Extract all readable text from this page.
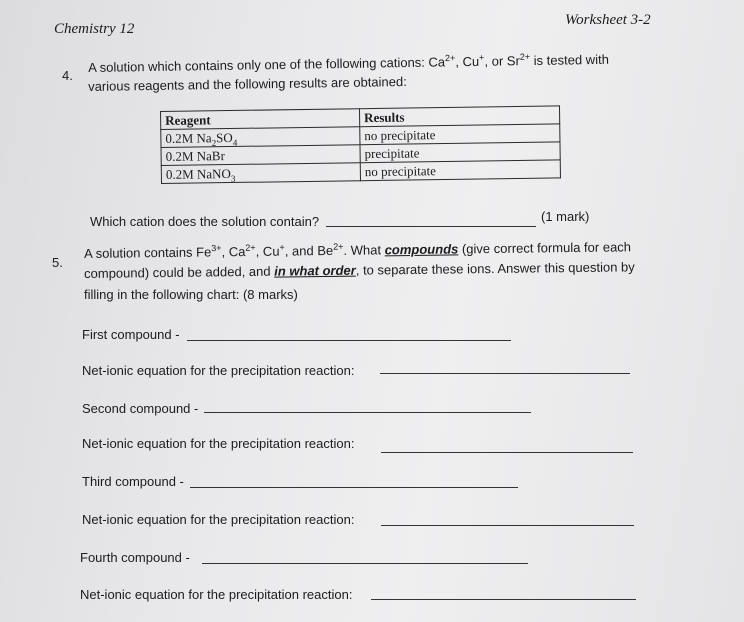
Chemistry 12
Worksheet 3-2
4.
A solution which contains only one of the following cations: $Ca^{2+}$, Cu+, or $Sr^{2+}$ is tested with
various reagents and the following results are obtained:
Reagent	Results
0.2M $Na_2SO_4$	no precipitate
0.2M NaBr	precipitate
0.2M NaNO$_3$	no precipitate
Which cation does the solution contain?	(1 mark)
5.
A solution contains $Fe^{3+}$, $Ca^{2+}$, Cu+, and $Be^{2+}$. What compounds (give correct formula for each
compound) could be added, and in what order, to separate these ions. Answer this question by
filling in the following chart: (8 marks)
First compound -
Net-ionic equation for the precipitation reaction:
Second compound -
Net-ionic equation for the precipitation reaction:
Third compound -
Net-ionic equation for the precipitation reaction:
Fourth compound -
Net-ionic equation for the precipitation reaction:
